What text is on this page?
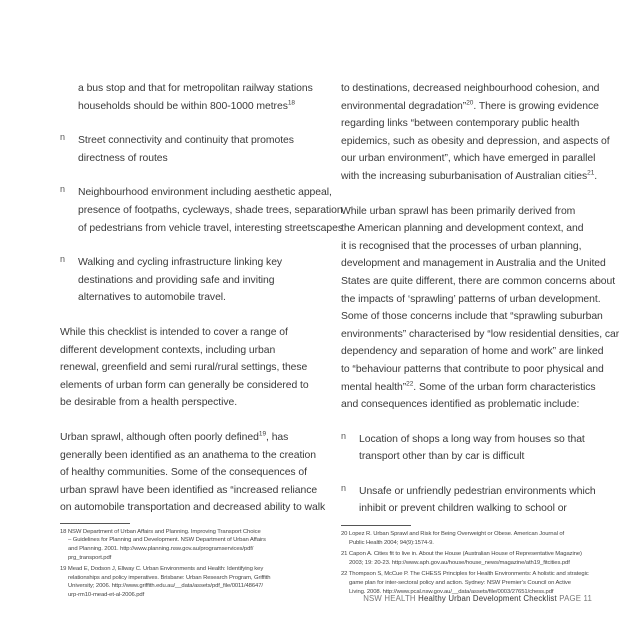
a bus stop and that for metropolitan railway stations
households should be within 800-1000 metres$^{18}$
n Street connectivity and continuity that promotes
directness of routes
n Neighbourhood environment including aesthetic appeal,
presence of footpaths, cycleways, shade trees, separation
of pedestrians from vehicle travel, interesting streetscapes
n Walking and cycling infrastructure linking key
destinations and providing safe and inviting
alternatives to automobile travel.
While this checklist is intended to cover a range of
different development contexts, including urban
renewal, greenfield and semi rural/rural settings, these
elements of urban form can generally be considered to
be desirable from a health perspective.
Urban sprawl, although often poorly defined$^{19}$, has
generally been identified as an anathema to the creation
of healthy communities. Some of the consequences of
urban sprawl have been identified as “increased reliance
on automobile transportation and decreased ability to walk
18 NSW Department of Urban Affairs and Planning. Improving Transport Choice
– Guidelines for Planning and Development. NSW Department of Urban Affairs
and Planning. 2001. http://www.planning.nsw.gov.au/programservices/pdf/
prg_transport.pdf
19 Mead E, Dodson J, Ellway C. Urban Environments and Health: Identifying key
relationships and policy imperatives. Brisbane: Urban Research Program, Griffith
University; 2006. http://www.griffith.edu.au/__data/assets/pdf_file/0011/48647/
urp-rm10-mead-et-al-2006.pdf
to destinations, decreased neighbourhood cohesion, and
environmental degradation”$^{20}$. There is growing evidence
regarding links “between contemporary public health
epidemics, such as obesity and depression, and aspects of
our urban environment”, which have emerged in parallel
with the increasing suburbanisation of Australian cities$^{21}$.
While urban sprawl has been primarily derived from
the American planning and development context, and
it is recognised that the processes of urban planning,
development and management in Australia and the United
States are quite different, there are common concerns about
the impacts of ‘sprawling’ patterns of urban development.
Some of those concerns include that “sprawling suburban
environments” characterised by “low residential densities, car
dependency and separation of home and work” are linked
to “behaviour patterns that contribute to poor physical and
mental health”$^{22}$. Some of the urban form characteristics
and consequences identified as problematic include:
n Location of shops a long way from houses so that
transport other than by car is difficult
n Unsafe or unfriendly pedestrian environments which
inhibit or prevent children walking to school or
20 Lopez R. Urban Sprawl and Risk for Being Overweight or Obese. American Journal of
Public Health 2004; 94(9):1574-9.
21 Capon A. Cities fit to live in. About the House (Australian House of Representative Magazine)
2003; 19: 20-23. http://www.aph.gov.au/house/house_news/magazine/ath19_fitcities.pdf
22 Thompson S, McCue P. The CHESS Principles for Health Environments: A holistic and strategic
game plan for inter-sectoral policy and action. Sydney: NSW Premier’s Council on Active
Living. 2008. http://www.pcal.nsw.gov.au/__data/assets/file/0003/27651/chess.pdf
NSW HEALTH Healthy Urban Development Checklist PAGE 11
